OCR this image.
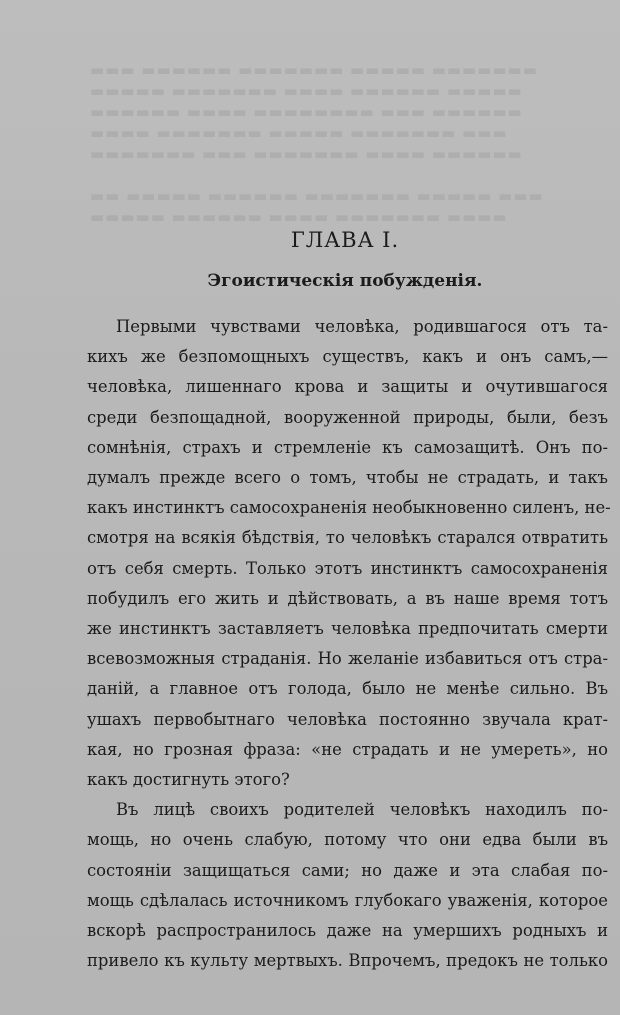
▬▬▬ ▬▬▬▬▬▬ ▬▬▬▬▬▬▬ ▬▬▬▬▬ ▬▬▬▬▬▬▬
▬▬▬▬▬ ▬▬▬▬▬▬▬ ▬▬▬▬ ▬▬▬▬▬▬ ▬▬▬▬▬
▬▬▬▬▬▬ ▬▬▬▬ ▬▬▬▬▬▬▬▬ ▬▬▬ ▬▬▬▬▬▬
▬▬▬▬ ▬▬▬▬▬▬▬ ▬▬▬▬▬ ▬▬▬▬▬▬▬ ▬▬▬
▬▬▬▬▬▬▬ ▬▬▬ ▬▬▬▬▬▬▬ ▬▬▬▬ ▬▬▬▬▬▬

▬▬ ▬▬▬▬▬ ▬▬▬▬▬▬ ▬▬▬▬▬▬▬ ▬▬▬▬▬ ▬▬▬
▬▬▬▬▬ ▬▬▬▬▬▬ ▬▬▬▬ ▬▬▬▬▬▬▬ ▬▬▬▬
ГЛАВА I.
Эгоистическія побужденія.
Первыми чувствами человѣка, родившагося отъ та-
кихъ же безпомощныхъ существъ, какъ и онъ самъ,—
человѣка, лишеннаго крова и защиты и очутившагося
среди безпощадной, вооруженной природы, были, безъ
сомнѣнія, страхъ и стремленіе къ самозащитѣ. Онъ по-
думалъ прежде всего о томъ, чтобы не страдать, и такъ
какъ инстинктъ самосохраненія необыкновенно силенъ, не-
смотря на всякія бѣдствія, то человѣкъ старался отвратить
отъ себя смерть. Только этотъ инстинктъ самосохраненія
побудилъ его жить и дѣйствовать, а въ наше время тотъ
же инстинктъ заставляетъ человѣка предпочитать смерти
всевозможныя страданія. Но желаніе избавиться отъ стра-
даній, а главное отъ голода, было не менѣе сильно. Въ
ушахъ первобытнаго человѣка постоянно звучала крат-
кая, но грозная фраза: «не страдать и не умереть», но
какъ достигнуть этого?
Въ лицѣ своихъ родителей человѣкъ находилъ по-
мощь, но очень слабую, потому что они едва были въ
состояніи защищаться сами; но даже и эта слабая по-
мощь сдѣлалась источникомъ глубокаго уваженія, которое
вскорѣ распространилось даже на умершихъ родныхъ и
привело къ культу мертвыхъ. Впрочемъ, предокъ не только
